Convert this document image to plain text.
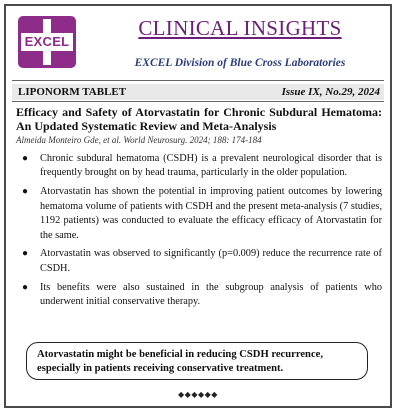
EXCEL
CLINICAL INSIGHTS
EXCEL Division of Blue Cross Laboratories
LIPONORM TABLET	Issue IX, No.29, 2024
Efficacy and Safety of Atorvastatin for Chronic Subdural Hematoma: An Updated Systematic Review and Meta-Analysis
Almeida Monteiro Gde, et al. World Neurosurg. 2024; 188: 174-184
● Chronic subdural hematoma (CSDH) is a prevalent neurological disorder that is frequently brought on by head trauma, particularly in the older population.
● Atorvastatin has shown the potential in improving patient outcomes by lowering hematoma volume of patients with CSDH and the present meta-analysis (7 studies, 1192 patients) was conducted to evaluate the efficacy efficacy of Atorvastatin for the same.
● Atorvastatin was observed to significantly (p=0.009) reduce the recurrence rate of CSDH.
● Its benefits were also sustained in the subgroup analysis of patients who underwent initial conservative therapy.
Atorvastatin might be beneficial in reducing CSDH recurrence, especially in patients receiving conservative treatment.
◆◆◆◆◆◆
